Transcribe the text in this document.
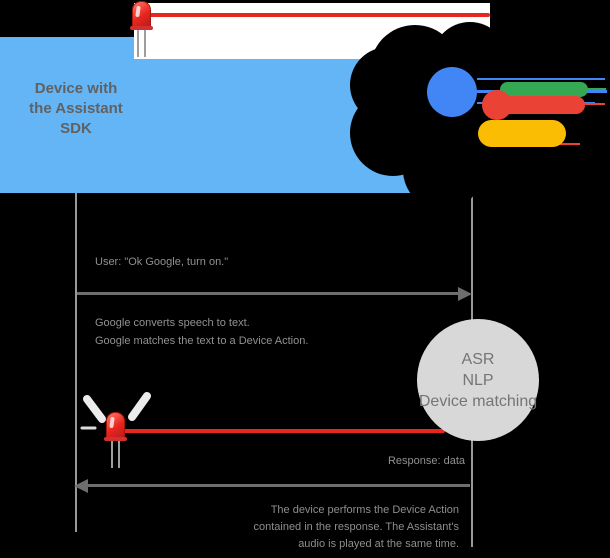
Device with
the Assistant
SDK
User: "Ok Google, turn on."
Google converts speech to text.
Google matches the text to a Device Action.
ASR
NLP
Device matching
Response: data
The device performs the Device Action
contained in the response. The Assistant's
audio is played at the same time.
